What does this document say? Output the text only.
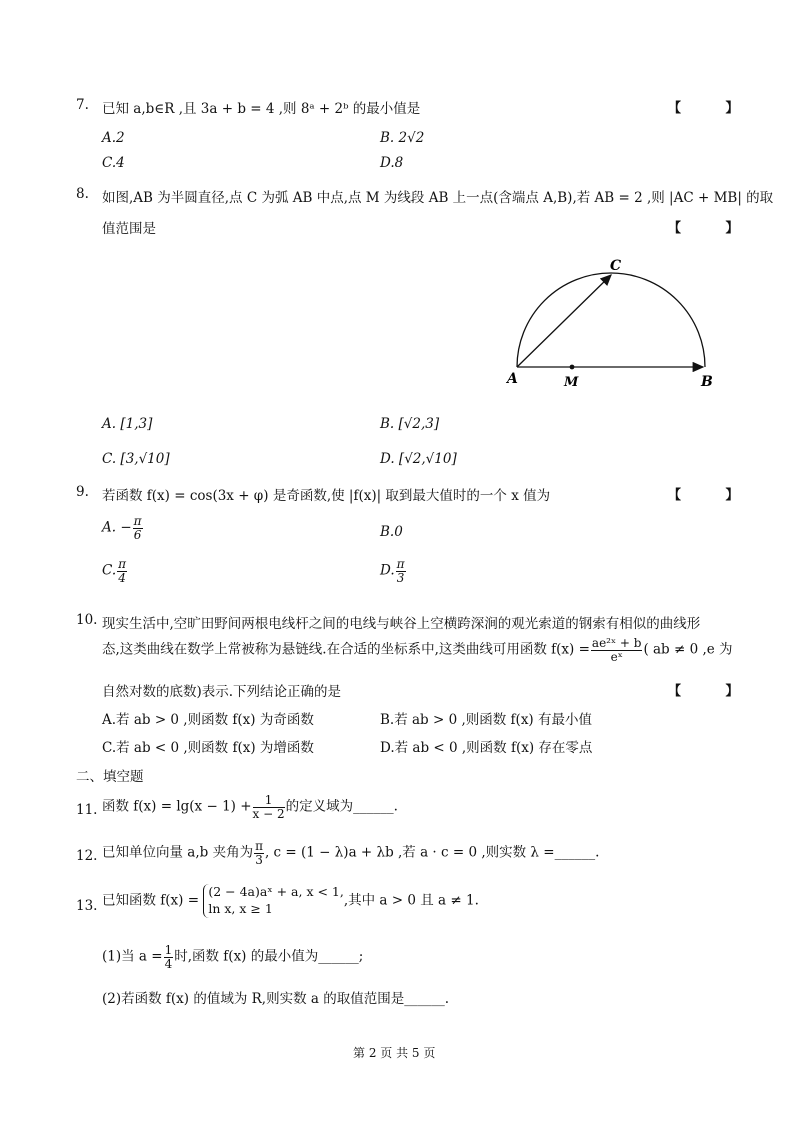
7. 已知 a,b∈R ,且 3a + b = 4 ,则 8ᵃ + 2ᵇ 的最小值是	【 】
A.2	B. 2√2
C.4	D.8
8. 如图,AB 为半圆直径,点 C 为弧 AB 中点,点 M 为线段 AB 上一点(含端点 A,B),若 AB = 2 ,则 |AC + MB| 的取
值范围是	【 】
C
A	M	B
A. [1,3]	B. [√2,3]
C. [3,√10]	D. [√2,√10]
9. 若函数 f(x) = cos(3x + φ) 是奇函数,使 |f(x)| 取到最大值时的一个 x 值为	【 】
A. − $\frac{\pi}{6}$	B.0
C. $\frac{\pi}{4}$	D. $\frac{\pi}{3}$
10. 现实生活中,空旷田野间两根电线杆之间的电线与峡谷上空横跨深涧的观光索道的钢索有相似的曲线形
态,这类曲线在数学上常被称为悬链线.在合适的坐标系中,这类曲线可用函数 $f(x) = \frac{\text{ae²ˣ + b}}{\text{eˣ}}$ ( ab ≠ 0 ,e 为
自然对数的底数)表示.下列结论正确的是	【 】
A.若 ab > 0 ,则函数 f(x) 为奇函数	B.若 ab > 0 ,则函数 f(x) 有最小值
C.若 ab < 0 ,则函数 f(x) 为增函数	D.若 ab < 0 ,则函数 f(x) 存在零点
二、填空题
11. 函数 $f(x) = \lg(x - 1) + \frac{1}{x - 2}$ 的定义域为______.
12. 已知单位向量 a,b 夹角为 $\frac{\pi}{3}$ , c = (1 − λ)a + λb ,若 a · c = 0 ,则实数 λ =______.
13. 已知函数 f(x) =
(2 − 4a)aˣ + a, x < 1,
ln x, x ≥ 1	,其中 a > 0 且 a ≠ 1.
(1)当 $a = \frac{1}{4}$ 时,函数 f(x) 的最小值为______;
(2)若函数 f(x) 的值域为 R,则实数 a 的取值范围是______.
第 2 页 共 5 页
